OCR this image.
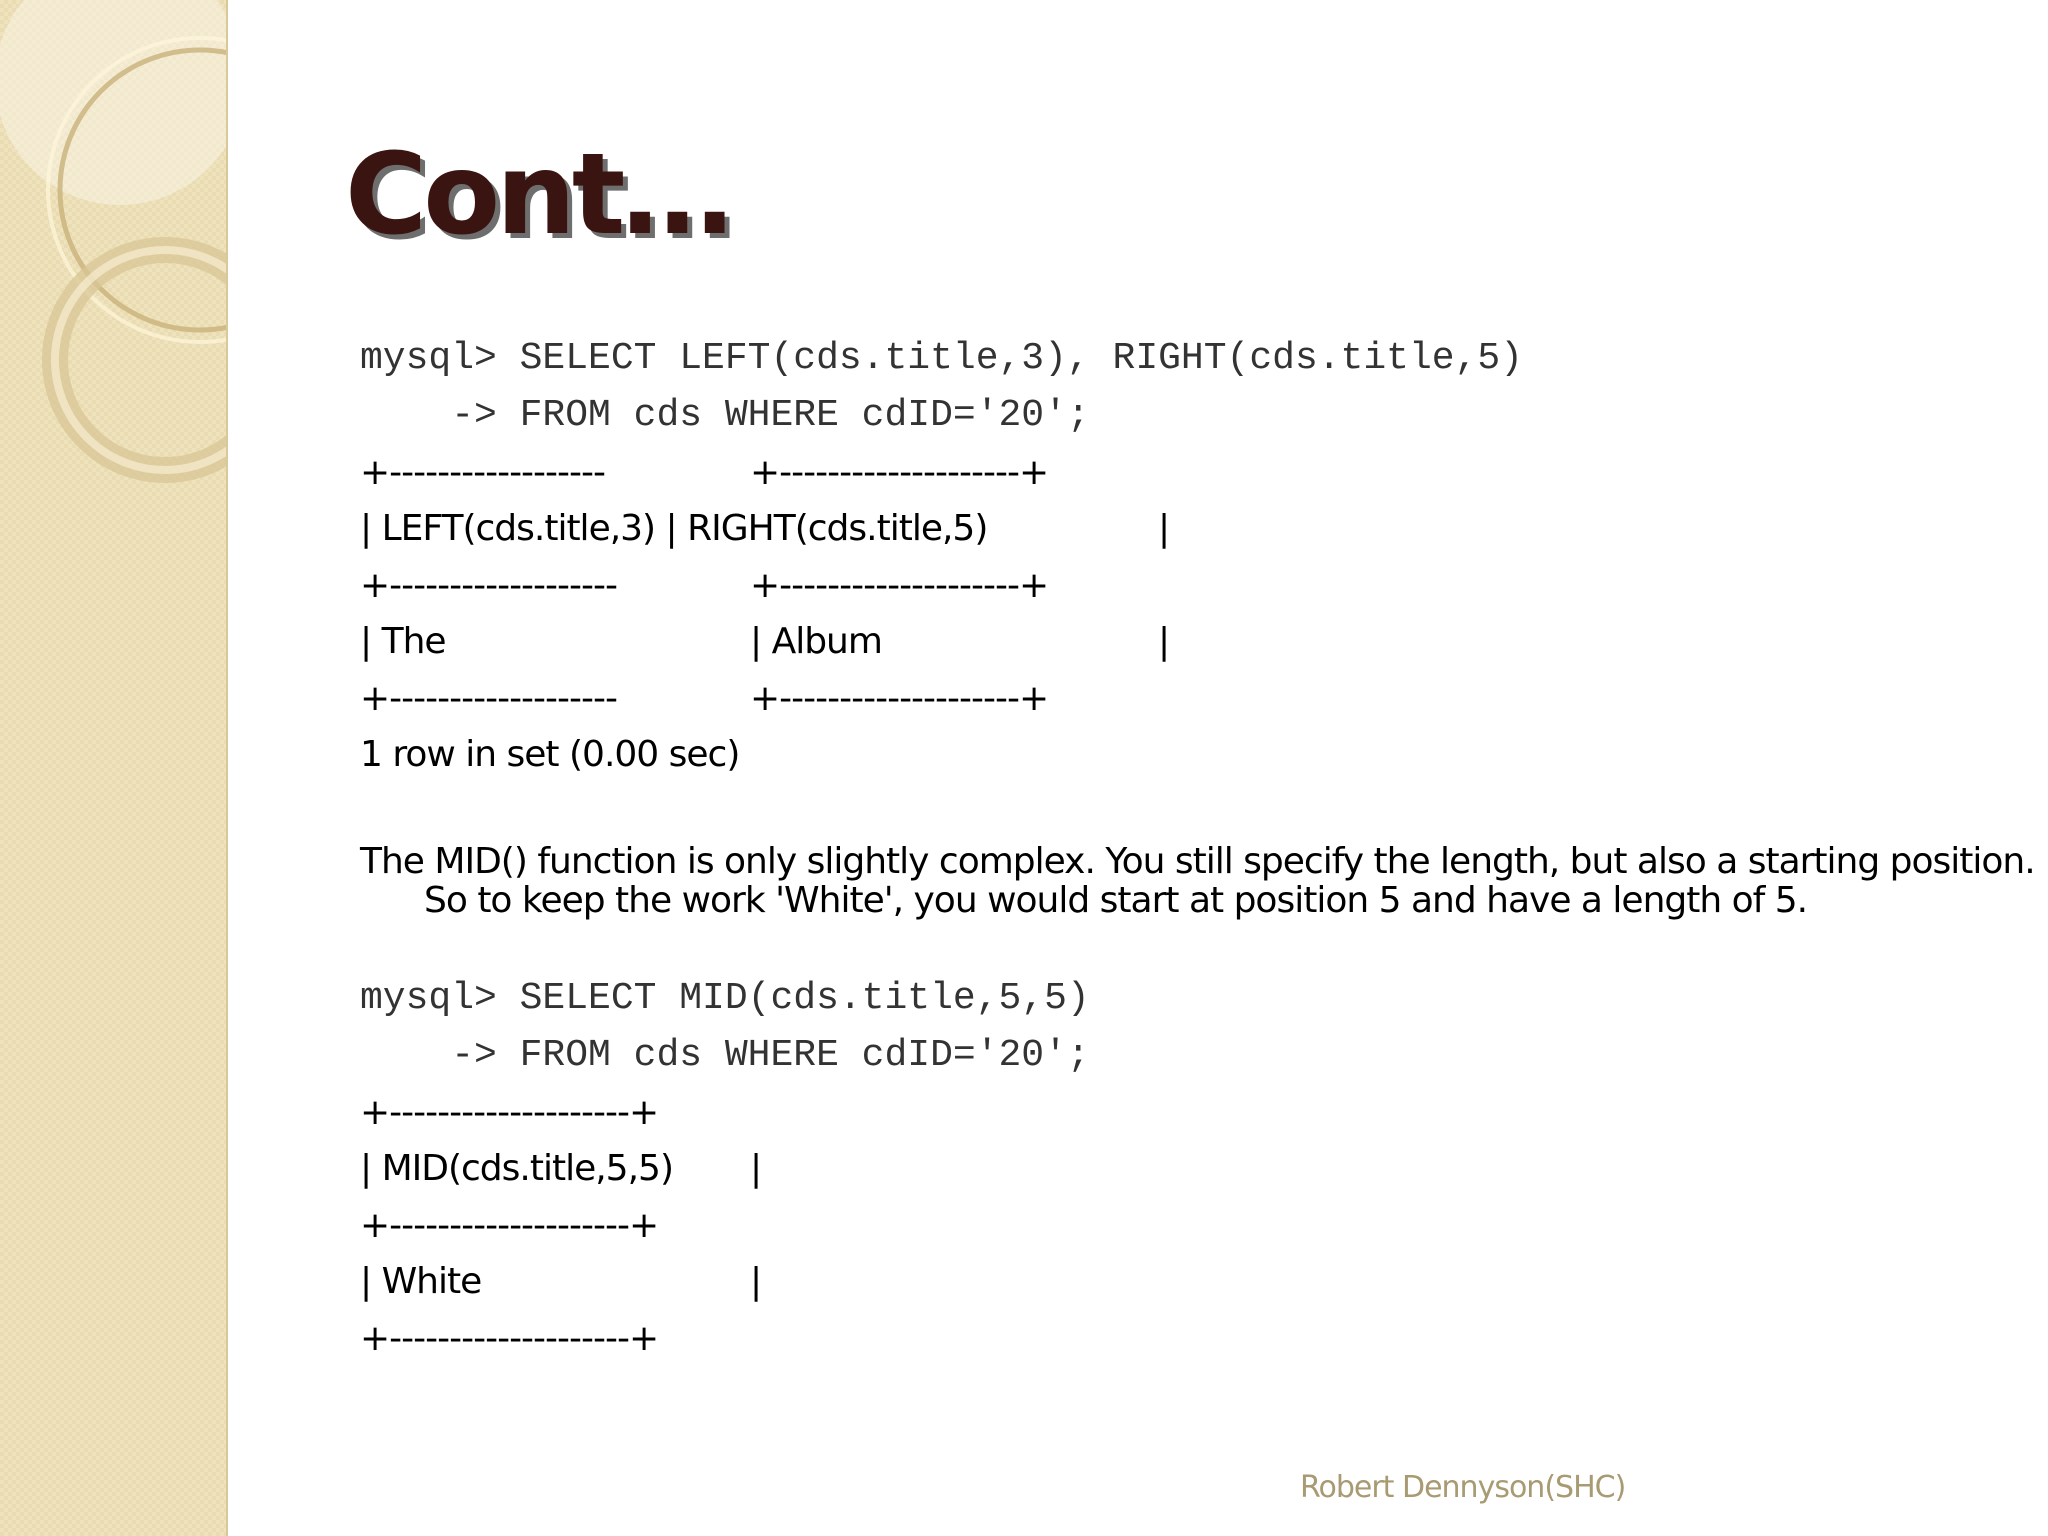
Cont…
mysql> SELECT LEFT(cds.title,3), RIGHT(cds.title,5)
-> FROM cds WHERE cdID='20';
+------------------	+--------------------+
| LEFT(cds.title,3) | RIGHT(cds.title,5)	|
+-------------------	+--------------------+
| The	| Album	|
+-------------------	+--------------------+
1 row in set (0.00 sec)

The MID() function is only slightly complex. You still specify the length, but also a starting position. So to keep the work 'White', you would start at position 5 and have a length of 5.

mysql> SELECT MID(cds.title,5,5)
-> FROM cds WHERE cdID='20';
+--------------------+
| MID(cds.title,5,5) |
+--------------------+
| White	|
+--------------------+
Robert Dennyson(SHC)
